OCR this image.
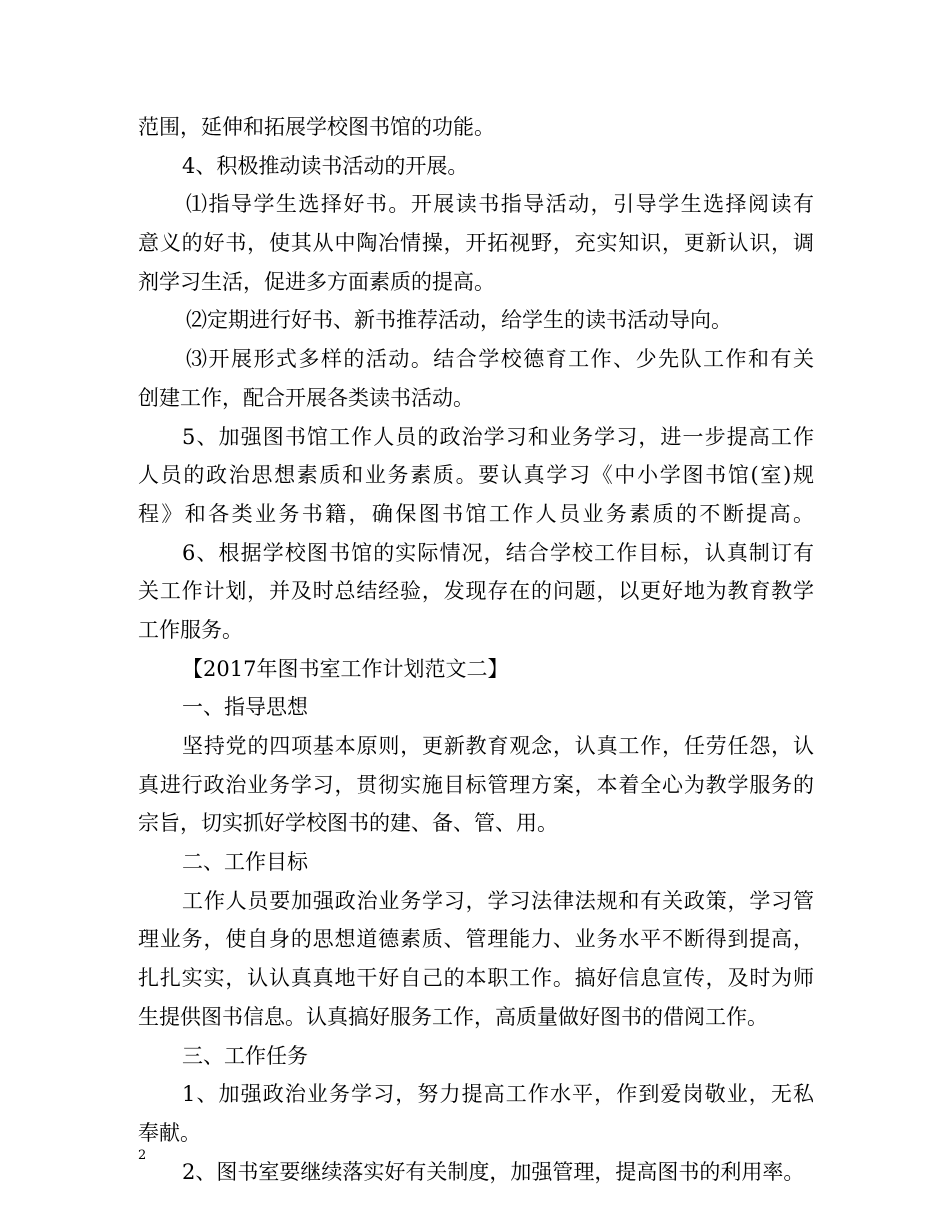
范围，延伸和拓展学校图书馆的功能。
4、积极推动读书活动的开展。
⑴指导学生选择好书。开展读书指导活动，引导学生选择阅读有
意义的好书，使其从中陶冶情操，开拓视野，充实知识，更新认识，调
剂学习生活，促进多方面素质的提高。
⑵定期进行好书、新书推荐活动，给学生的读书活动导向。
⑶开展形式多样的活动。结合学校德育工作、少先队工作和有关
创建工作，配合开展各类读书活动。
5、加强图书馆工作人员的政治学习和业务学习，进一步提高工作
人员的政治思想素质和业务素质。要认真学习《中小学图书馆(室)规
程》和各类业务书籍，确保图书馆工作人员业务素质的不断提高。
6、根据学校图书馆的实际情况，结合学校工作目标，认真制订有
关工作计划，并及时总结经验，发现存在的问题，以更好地为教育教学
工作服务。
【2017年图书室工作计划范文二】
一、指导思想
坚持党的四项基本原则，更新教育观念，认真工作，任劳任怨，认
真进行政治业务学习，贯彻实施目标管理方案，本着全心为教学服务的
宗旨，切实抓好学校图书的建、备、管、用。
二、工作目标
工作人员要加强政治业务学习，学习法律法规和有关政策，学习管
理业务，使自身的思想道德素质、管理能力、业务水平不断得到提高，
扎扎实实，认认真真地干好自己的本职工作。搞好信息宣传，及时为师
生提供图书信息。认真搞好服务工作，高质量做好图书的借阅工作。
三、工作任务
1、加强政治业务学习，努力提高工作水平，作到爱岗敬业，无私
奉献。
2、图书室要继续落实好有关制度，加强管理，提高图书的利用率。
2
